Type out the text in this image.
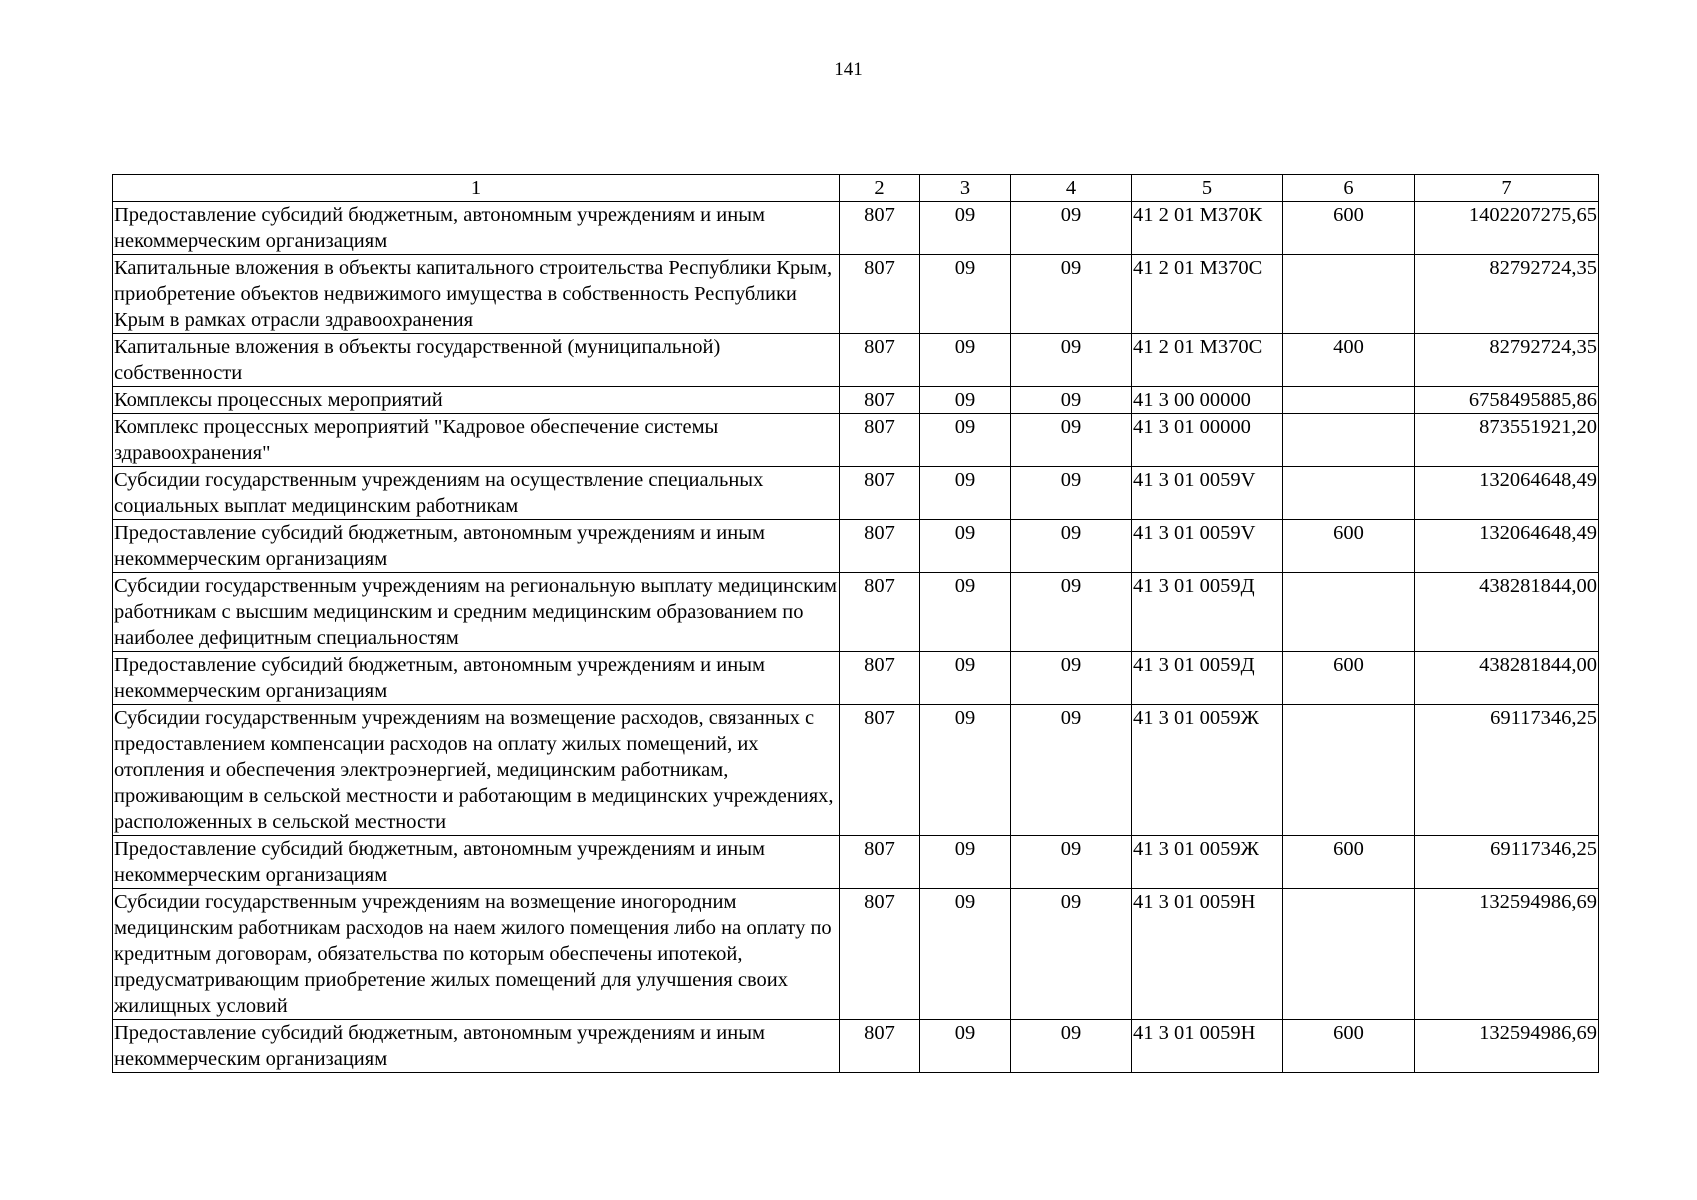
141
1	2	3	4	5	6	7
Предоставление субсидий бюджетным, автономным учреждениям и иным некоммерческим организациям	807	09	09	41 2 01 М370К	600	1402207275,65
Капитальные вложения в объекты капитального строительства Республики Крым, приобретение объектов недвижимого имущества в собственность Республики Крым в рамках отрасли здравоохранения	807	09	09	41 2 01 М370С		82792724,35
Капитальные вложения в объекты государственной (муниципальной) собственности	807	09	09	41 2 01 М370С	400	82792724,35
Комплексы процессных мероприятий	807	09	09	41 3 00 00000		6758495885,86
Комплекс процессных мероприятий "Кадровое обеспечение системы здравоохранения"	807	09	09	41 3 01 00000		873551921,20
Субсидии государственным учреждениям на осуществление специальных социальных выплат медицинским работникам	807	09	09	41 3 01 0059V		132064648,49
Предоставление субсидий бюджетным, автономным учреждениям и иным некоммерческим организациям	807	09	09	41 3 01 0059V	600	132064648,49
Субсидии государственным учреждениям на региональную выплату медицинским работникам с высшим медицинским и средним медицинским образованием по наиболее дефицитным специальностям	807	09	09	41 3 01 0059Д		438281844,00
Предоставление субсидий бюджетным, автономным учреждениям и иным некоммерческим организациям	807	09	09	41 3 01 0059Д	600	438281844,00
Субсидии государственным учреждениям на возмещение расходов, связанных с предоставлением компенсации расходов на оплату жилых помещений, их отопления и обеспечения электроэнергией, медицинским работникам, проживающим в сельской местности и работающим в медицинских учреждениях, расположенных в сельской местности	807	09	09	41 3 01 0059Ж		69117346,25
Предоставление субсидий бюджетным, автономным учреждениям и иным некоммерческим организациям	807	09	09	41 3 01 0059Ж	600	69117346,25
Субсидии государственным учреждениям на возмещение иногородним медицинским работникам расходов на наем жилого помещения либо на оплату по кредитным договорам, обязательства по которым обеспечены ипотекой, предусматривающим приобретение жилых помещений для улучшения своих жилищных условий	807	09	09	41 3 01 0059Н		132594986,69
Предоставление субсидий бюджетным, автономным учреждениям и иным некоммерческим организациям	807	09	09	41 3 01 0059Н	600	132594986,69
